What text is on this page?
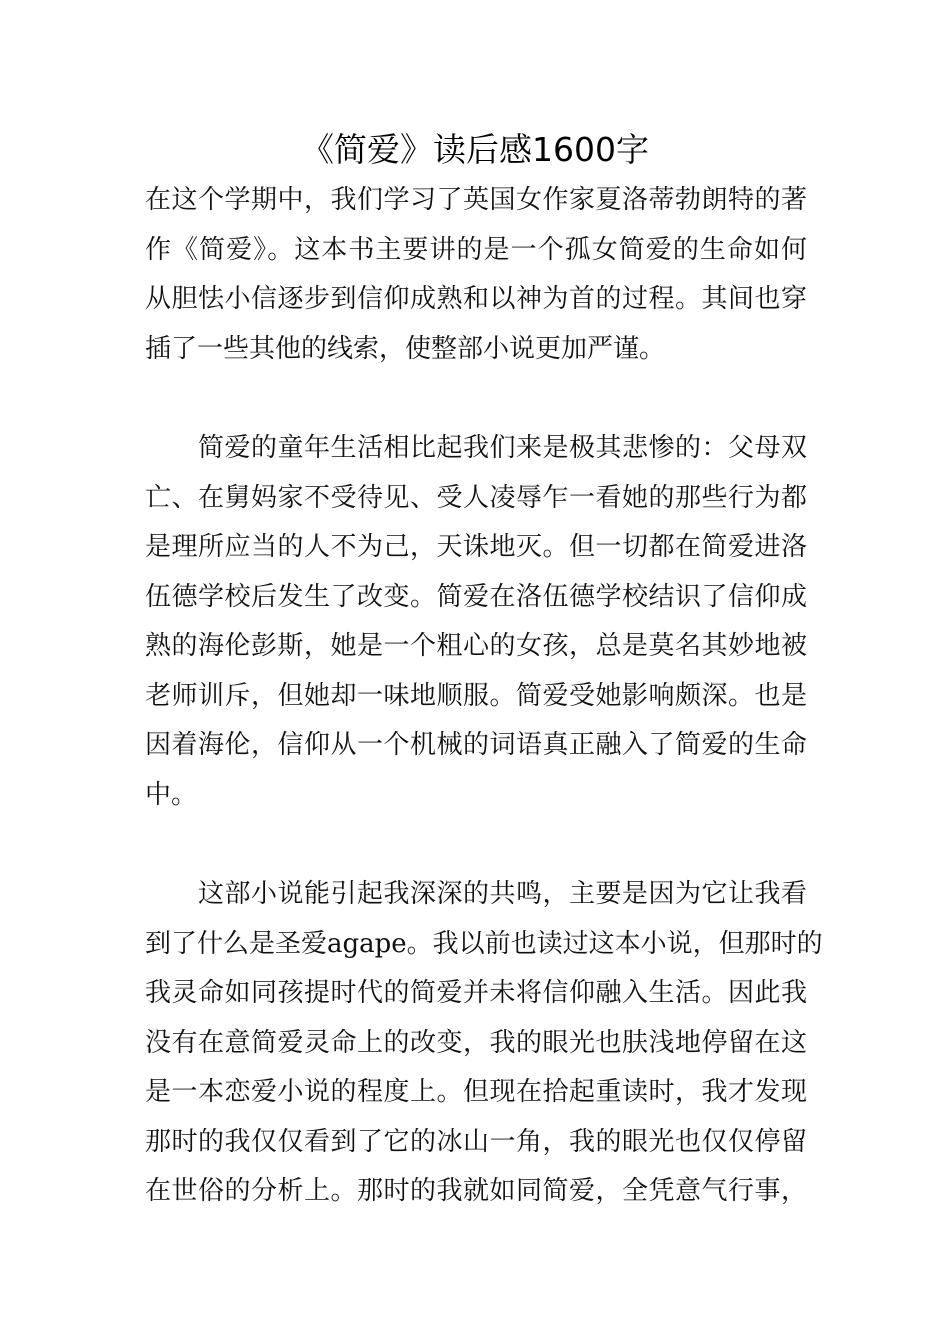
《简爱》读后感1600字
在这个学期中，我们学习了英国女作家夏洛蒂勃朗特的著
作《简爱》。这本书主要讲的是一个孤女简爱的生命如何
从胆怯小信逐步到信仰成熟和以神为首的过程。其间也穿
插了一些其他的线索，使整部小说更加严谨。
　　简爱的童年生活相比起我们来是极其悲惨的：父母双
亡、在舅妈家不受待见、受人凌辱乍一看她的那些行为都
是理所应当的人不为己，天诛地灭。但一切都在简爱进洛
伍德学校后发生了改变。简爱在洛伍德学校结识了信仰成
熟的海伦彭斯，她是一个粗心的女孩，总是莫名其妙地被
老师训斥，但她却一味地顺服。简爱受她影响颇深。也是
因着海伦，信仰从一个机械的词语真正融入了简爱的生命
中。
　　这部小说能引起我深深的共鸣，主要是因为它让我看
到了什么是圣爱agape。我以前也读过这本小说，但那时的
我灵命如同孩提时代的简爱并未将信仰融入生活。因此我
没有在意简爱灵命上的改变，我的眼光也肤浅地停留在这
是一本恋爱小说的程度上。但现在拾起重读时，我才发现
那时的我仅仅看到了它的冰山一角，我的眼光也仅仅停留
在世俗的分析上。那时的我就如同简爱，全凭意气行事，
